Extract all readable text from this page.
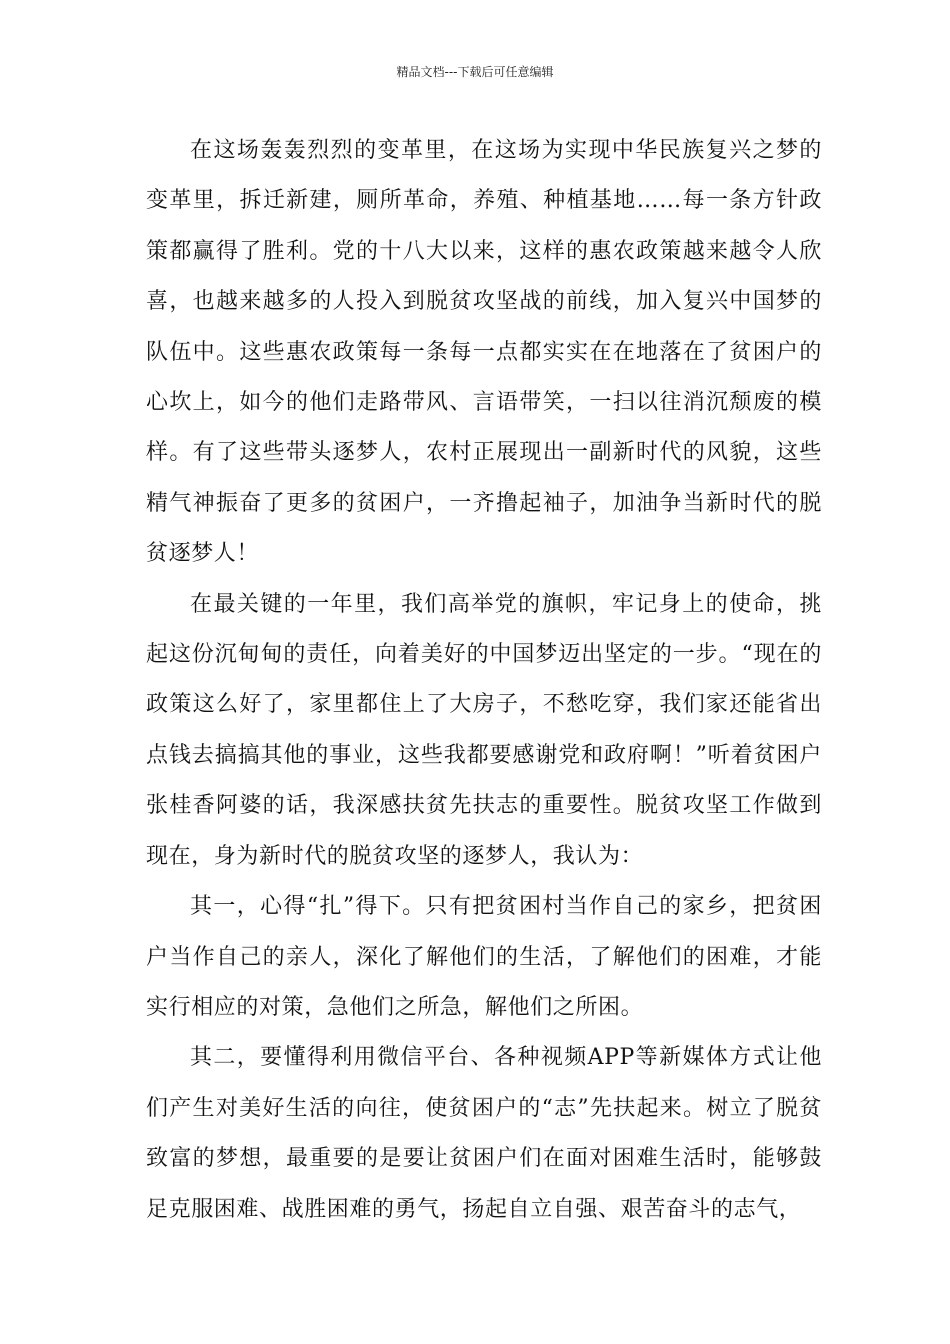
精品文档---下载后可任意编辑

在这场轰轰烈烈的变革里，在这场为实现中华民族复兴之梦的变革里，拆迁新建，厕所革命，养殖、种植基地……每一条方针政策都赢得了胜利。党的十八大以来，这样的惠农政策越来越令人欣喜，也越来越多的人投入到脱贫攻坚战的前线，加入复兴中国梦的队伍中。这些惠农政策每一条每一点都实实在在地落在了贫困户的心坎上，如今的他们走路带风、言语带笑，一扫以往消沉颓废的模样。有了这些带头逐梦人，农村正展现出一副新时代的风貌，这些精气神振奋了更多的贫困户，一齐撸起袖子，加油争当新时代的脱贫逐梦人！

在最关键的一年里，我们高举党的旗帜，牢记身上的使命，挑起这份沉甸甸的责任，向着美好的中国梦迈出坚定的一步。“现在的政策这么好了，家里都住上了大房子，不愁吃穿，我们家还能省出点钱去搞搞其他的事业，这些我都要感谢党和政府啊！”听着贫困户张桂香阿婆的话，我深感扶贫先扶志的重要性。脱贫攻坚工作做到现在，身为新时代的脱贫攻坚的逐梦人，我认为：

其一，心得“扎”得下。只有把贫困村当作自己的家乡，把贫困户当作自己的亲人，深化了解他们的生活，了解他们的困难，才能实行相应的对策，急他们之所急，解他们之所困。

其二，要懂得利用微信平台、各种视频APP等新媒体方式让他们产生对美好生活的向往，使贫困户的“志”先扶起来。树立了脱贫致富的梦想，最重要的是要让贫困户们在面对困难生活时，能够鼓足克服困难、战胜困难的勇气，扬起自立自强、艰苦奋斗的志气，
